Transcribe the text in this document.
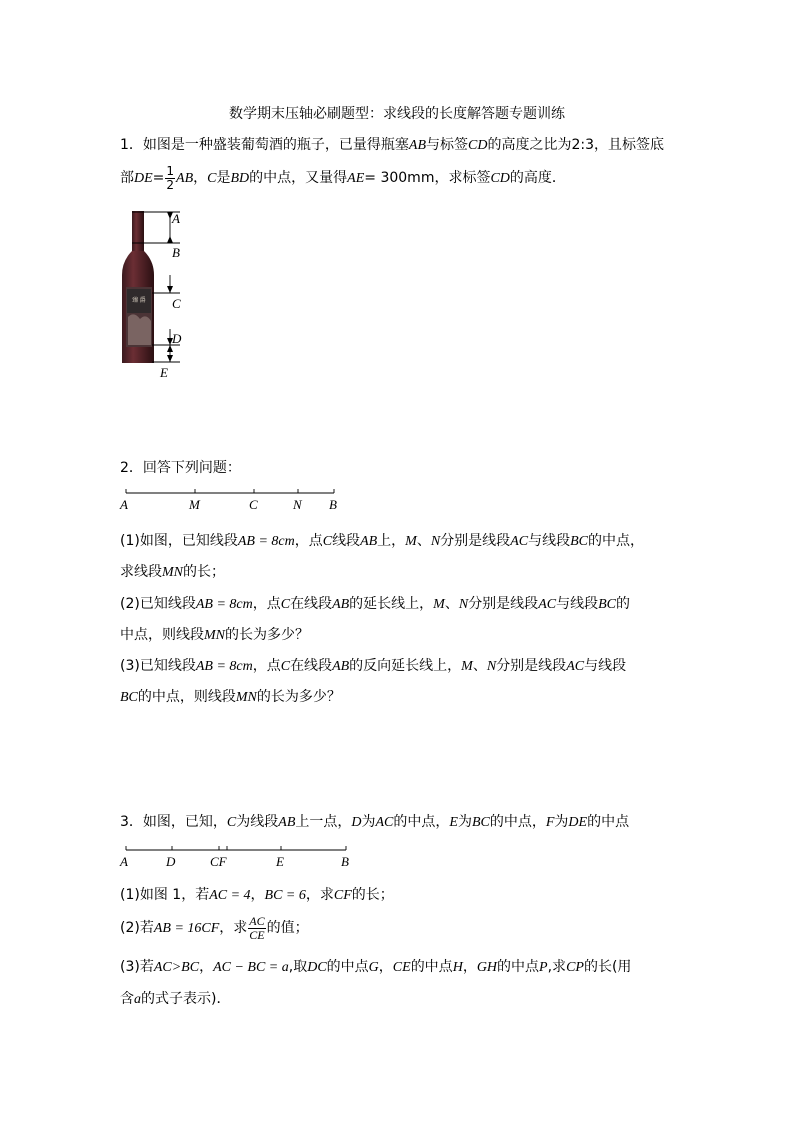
数学期末压轴必刷题型：求线段的长度解答题专题训练
1．如图是一种盛装葡萄酒的瓶子，已量得瓶塞AB与标签CD的高度之比为2:3，且标签底
部$DE= \frac{1}{2}$ AB，C是BD的中点，又量得AE= 300mm，求标签CD的高度．
臻 爵
A
B
C
D
E
2．回答下列问题：
A	M	C	N B
(1)如图，已知线段AB = 8cm，点C线段AB上，M、N分别是线段AC与线段BC的中点，
求线段MN的长；
(2)已知线段AB = 8cm，点C在线段AB的延长线上，M、N分别是线段AC与线段BC的
中点，则线段MN的长为多少？
(3)已知线段AB = 8cm，点C在线段AB的反向延长线上，M、N分别是线段AC与线段
BC的中点，则线段MN的长为多少？
3．如图，已知，C为线段AB上一点，D为AC的中点，E为BC的中点，F为DE的中点
A	D	CF	E	B
(1)如图 1，若AC = 4，BC = 6，求CF的长；
(2)若AB = 16CF，求 $\frac{AC}{CE}$ 的值；
(3)若AC>BC，AC − BC = a,取DC的中点G，CE的中点H，GH的中点P,求CP的长(用
含a的式子表示)．
